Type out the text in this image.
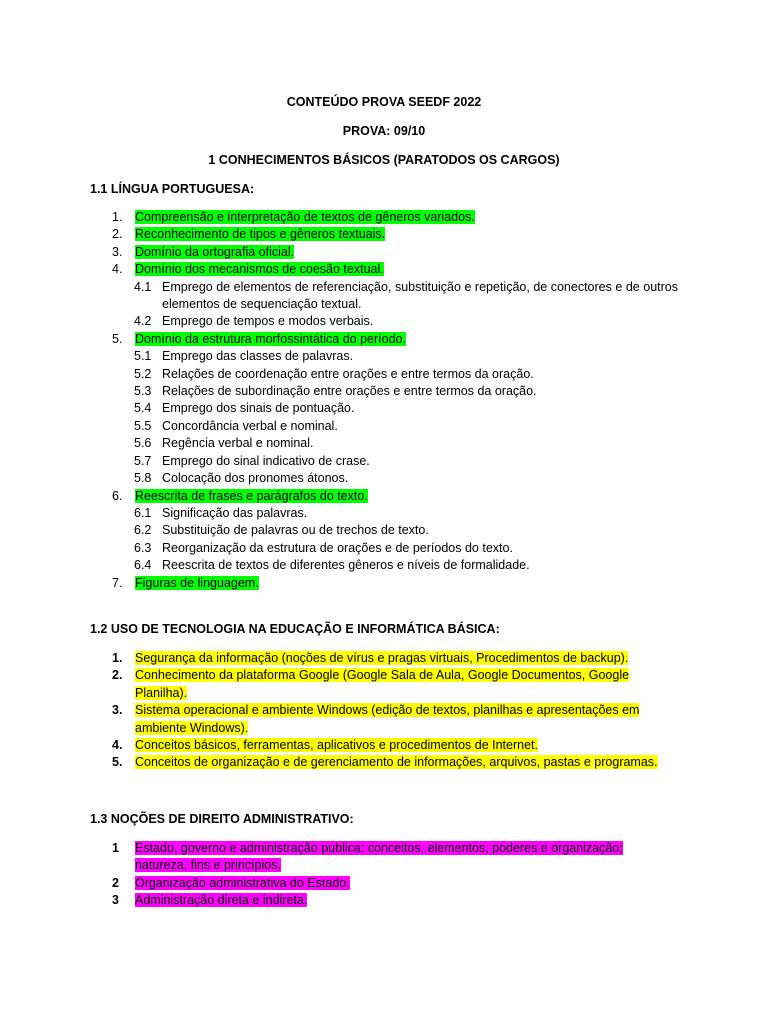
CONTEÚDO PROVA SEEDF 2022
PROVA: 09/10
1 CONHECIMENTOS BÁSICOS (PARATODOS OS CARGOS)
1.1 LÍNGUA PORTUGUESA:
1. Compreensão e interpretação de textos de gêneros variados.
2. Reconhecimento de tipos e gêneros textuais.
3. Domínio da ortografia oficial.
4. Domínio dos mecanismos de coesão textual.
4.1 Emprego de elementos de referenciação, substituição e repetição, de conectores e de outros elementos de sequenciação textual.
4.2 Emprego de tempos e modos verbais.
5. Domínio da estrutura morfossintática do período.
5.1 Emprego das classes de palavras.
5.2 Relações de coordenação entre orações e entre termos da oração.
5.3 Relações de subordinação entre orações e entre termos da oração.
5.4 Emprego dos sinais de pontuação.
5.5 Concordância verbal e nominal.
5.6 Regência verbal e nominal.
5.7 Emprego do sinal indicativo de crase.
5.8 Colocação dos pronomes átonos.
6. Reescrita de frases e parágrafos do texto.
6.1 Significação das palavras.
6.2 Substituição de palavras ou de trechos de texto.
6.3 Reorganização da estrutura de orações e de períodos do texto.
6.4 Reescrita de textos de diferentes gêneros e níveis de formalidade.
7. Figuras de linguagem.
1.2 USO DE TECNOLOGIA NA EDUCAÇÃO E INFORMÁTICA BÁSICA:
1. Segurança da informação (noções de vírus e pragas virtuais, Procedimentos de backup).
2. Conhecimento da plataforma Google (Google Sala de Aula, Google Documentos, Google Planilha).
3. Sistema operacional e ambiente Windows (edição de textos, planilhas e apresentações em ambiente Windows).
4. Conceitos básicos, ferramentas, aplicativos e procedimentos de Internet.
5. Conceitos de organização e de gerenciamento de informações, arquivos, pastas e programas.
1.3 NOÇÕES DE DIREITO ADMINISTRATIVO:
1 Estado, governo e administração pública: conceitos, elementos, poderes e organização; natureza, fins e princípios.
2 Organização administrativa do Estado.
3 Administração direta e indireta.
